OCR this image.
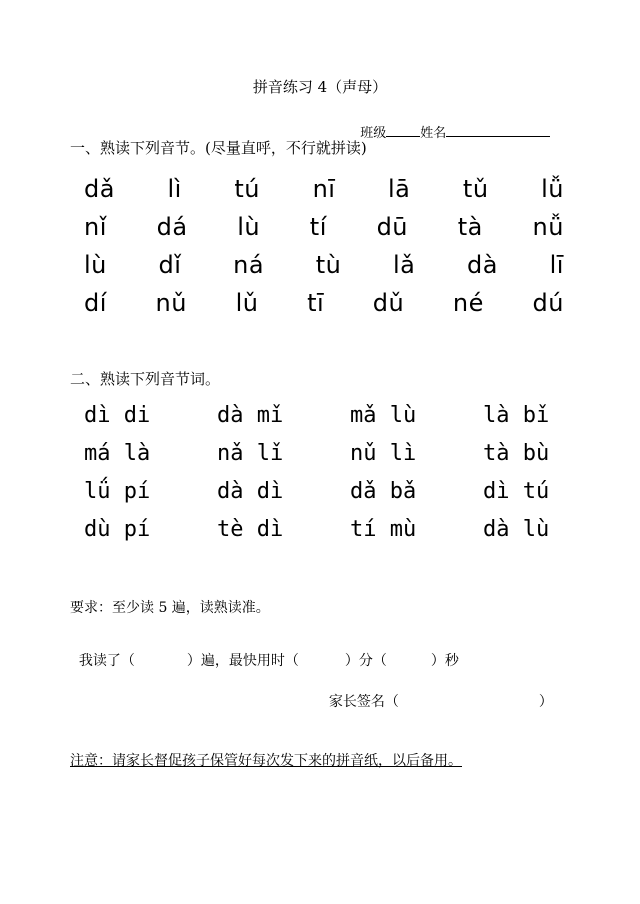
拼音练习 4（声母）

班级	姓名

一、熟读下列音节。(尽量直呼，不行就拼读)
dǎ lì tú nī lā tǔ lǚ
nǐ dá lù tí dū tà nǚ
lù dǐ ná tù lǎ dà lī
dí nǔ lǔ tī dǔ né dú
二、熟读下列音节词。
dì di	dà mǐ	mǎ lù	là bǐ
má là	nǎ lǐ	nǔ lì	tà bù
lǘ pí	dà dì	dǎ bǎ	dì tú
dù pí	tè dì	tí mù	dà lù
要求：至少读 5 遍，读熟读准。

我读了（	）遍，最快用时（	）分（	）秒

家长签名（	）

注意：请家长督促孩子保管好每次发下来的拼音纸，以后备用。
